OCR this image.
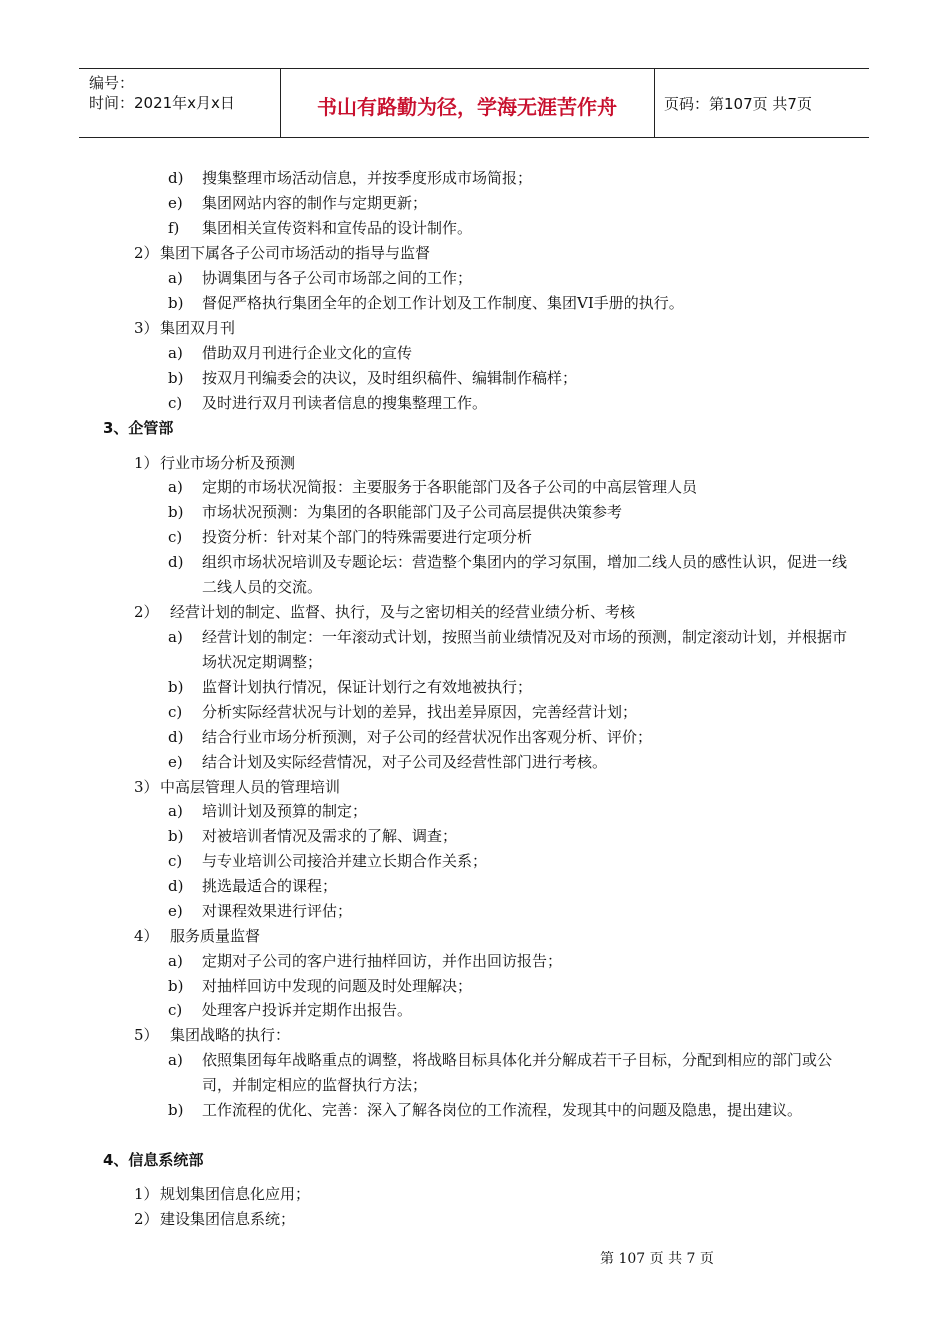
编号：
时间：2021年x月x日	书山有路勤为径，学海无涯苦作舟	页码：第107页 共7页
d) 搜集整理市场活动信息，并按季度形成市场简报；
e) 集团网站内容的制作与定期更新；
f) 集团相关宣传资料和宣传品的设计制作。
2） 集团下属各子公司市场活动的指导与监督
a) 协调集团与各子公司市场部之间的工作；
b) 督促严格执行集团全年的企划工作计划及工作制度、集团VI手册的执行。
3） 集团双月刊
a) 借助双月刊进行企业文化的宣传
b) 按双月刊编委会的决议，及时组织稿件、编辑制作稿样；
c) 及时进行双月刊读者信息的搜集整理工作。
3、企管部
1） 行业市场分析及预测
a) 定期的市场状况简报：主要服务于各职能部门及各子公司的中高层管理人员
b) 市场状况预测：为集团的各职能部门及子公司高层提供决策参考
c) 投资分析：针对某个部门的特殊需要进行定项分析
d) 组织市场状况培训及专题论坛：营造整个集团内的学习氛围，增加二线人员的感性认识，促进一线二线人员的交流。
2） 经营计划的制定、监督、执行，及与之密切相关的经营业绩分析、考核
a) 经营计划的制定：一年滚动式计划，按照当前业绩情况及对市场的预测，制定滚动计划，并根据市场状况定期调整；
b) 监督计划执行情况，保证计划行之有效地被执行；
c) 分析实际经营状况与计划的差异，找出差异原因，完善经营计划；
d) 结合行业市场分析预测，对子公司的经营状况作出客观分析、评价；
e) 结合计划及实际经营情况，对子公司及经营性部门进行考核。
3） 中高层管理人员的管理培训
a) 培训计划及预算的制定；
b) 对被培训者情况及需求的了解、调查；
c) 与专业培训公司接洽并建立长期合作关系；
d) 挑选最适合的课程；
e) 对课程效果进行评估；
4） 服务质量监督
a) 定期对子公司的客户进行抽样回访，并作出回访报告；
b) 对抽样回访中发现的问题及时处理解决；
c) 处理客户投诉并定期作出报告。
5） 集团战略的执行：
a) 依照集团每年战略重点的调整，将战略目标具体化并分解成若干子目标，分配到相应的部门或公司，并制定相应的监督执行方法；
b) 工作流程的优化、完善：深入了解各岗位的工作流程，发现其中的问题及隐患，提出建议。
4、信息系统部
1） 规划集团信息化应用；
2） 建设集团信息系统；
第 107 页 共 7 页
